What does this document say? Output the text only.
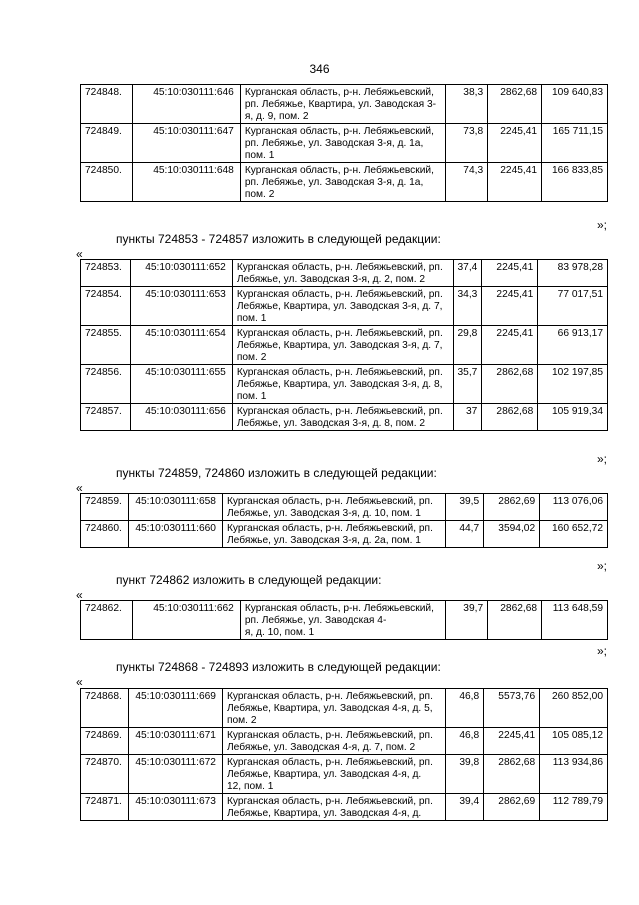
346
724848.	45:10:030111:646	Курганская область, р-н. Лебяжьевский,
рп. Лебяжье, Квартира, ул. Заводская 3-
я, д. 9, пом. 2	38,3	2862,68	109 640,83
724849.	45:10:030111:647	Курганская область, р-н. Лебяжьевский,
рп. Лебяжье, ул. Заводская 3-я, д. 1а,
пом. 1	73,8	2245,41	165 711,15
724850.	45:10:030111:648	Курганская область, р-н. Лебяжьевский,
рп. Лебяжье, ул. Заводская 3-я, д. 1а,
пом. 2	74,3	2245,41	166 833,85
»;
пункты 724853 - 724857 изложить в следующей редакции:
«
724853.	45:10:030111:652	Курганская область, р-н. Лебяжьевский, рп.
Лебяжье, ул. Заводская 3-я, д. 2, пом. 2	37,4	2245,41	83 978,28
724854.	45:10:030111:653	Курганская область, р-н. Лебяжьевский, рп.
Лебяжье, Квартира, ул. Заводская 3-я, д. 7,
пом. 1	34,3	2245,41	77 017,51
724855.	45:10:030111:654	Курганская область, р-н. Лебяжьевский, рп.
Лебяжье, Квартира, ул. Заводская 3-я, д. 7,
пом. 2	29,8	2245,41	66 913,17
724856.	45:10:030111:655	Курганская область, р-н. Лебяжьевский, рп.
Лебяжье, Квартира, ул. Заводская 3-я, д. 8,
пом. 1	35,7	2862,68	102 197,85
724857.	45:10:030111:656	Курганская область, р-н. Лебяжьевский, рп.
Лебяжье, ул. Заводская 3-я, д. 8, пом. 2	37	2862,68	105 919,34
»;
пункты 724859, 724860 изложить в следующей редакции:
«
724859.	45:10:030111:658	Курганская область, р-н. Лебяжьевский, рп.
Лебяжье, ул. Заводская 3-я, д. 10, пом. 1	39,5	2862,69	113 076,06
724860.	45:10:030111:660	Курганская область, р-н. Лебяжьевский, рп.
Лебяжье, ул. Заводская 3-я, д. 2а, пом. 1	44,7	3594,02	160 652,72
»;
пункт 724862 изложить в следующей редакции:
«
724862.	45:10:030111:662	Курганская область, р-н. Лебяжьевский,
рп. Лебяжье, ул. Заводская 4-
я, д. 10, пом. 1
	39,7	2862,68	113 648,59
»;
пункты 724868 - 724893 изложить в следующей редакции:
«
724868.	45:10:030111:669	Курганская область, р-н. Лебяжьевский, рп.
Лебяжье, Квартира, ул. Заводская 4-я, д. 5,
пом. 2	46,8	5573,76	260 852,00
724869.	45:10:030111:671	Курганская область, р-н. Лебяжьевский, рп.
Лебяжье, ул. Заводская 4-я, д. 7, пом. 2	46,8	2245,41	105 085,12
724870.	45:10:030111:672	Курганская область, р-н. Лебяжьевский, рп.
Лебяжье, Квартира, ул. Заводская 4-я, д.
12, пом. 1	39,8	2862,68	113 934,86
724871.	45:10:030111:673	Курганская область, р-н. Лебяжьевский, рп.
Лебяжье, Квартира, ул. Заводская 4-я, д.	39,4	2862,69	112 789,79
